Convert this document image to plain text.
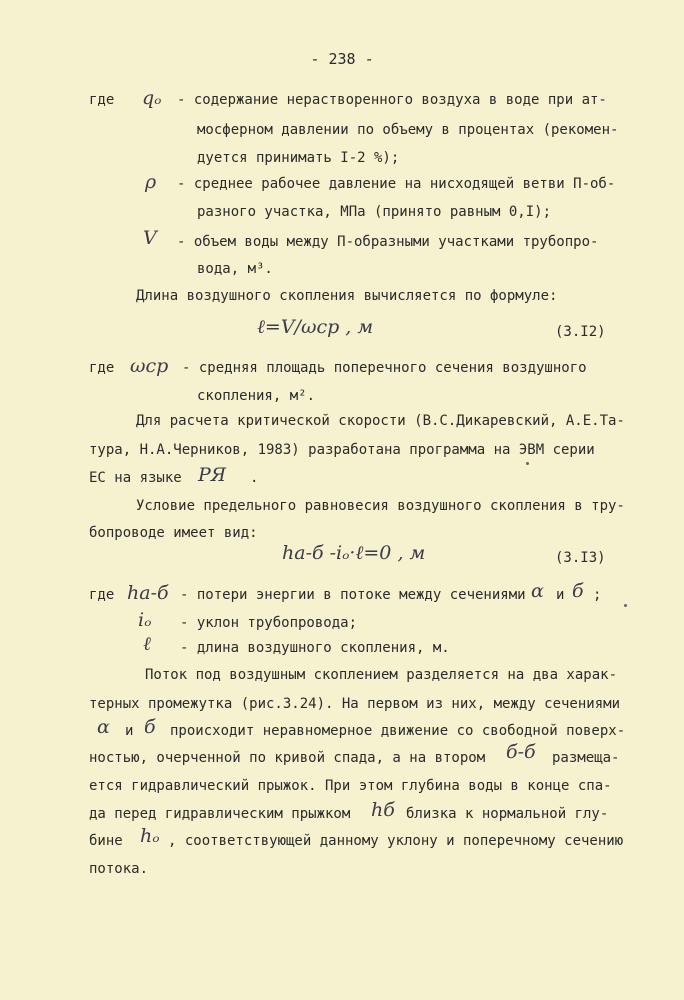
- 238 -
где qₒ - содержание нерастворенного воздуха в воде при ат-
мосферном давлении по объему в процентах (рекомен-
дуется принимать I-2 %);
ρ - среднее рабочее давление на нисходящей ветви П-об-
разного участка, МПа (принято равным 0,I);
V - объем воды между П-образными участками трубопро-
вода, м³.
Длина воздушного скопления вычисляется по формуле:
ℓ=V/ωср , м	(3.I2)
где ωср - средняя площадь поперечного сечения воздушного
скопления, м².
Для расчета критической скорости (В.С.Дикаревский, А.Е.Та-
тура, Н.А.Черников, 1983) разработана программа на ЭВМ серии
ЕС на языке РЯ .
Условие предельного равновесия воздушного скопления в тру-
бопроводе имеет вид:
hа-б -iₒ·ℓ=0 , м	(3.I3)
где hа-б - потери энергии в потоке между сечениями α и б ;
iₒ - уклон трубопровода;
ℓ - длина воздушного скопления, м.
Поток под воздушным скоплением разделяется на два харак-
терных промежутка (рис.3.24). На первом из них, между сечениями
α и б происходит неравномерное движение со свободной поверх-
ностью, очерченной по кривой спада, а на втором б-б размеща-
ется гидравлический прыжок. При этом глубина воды в конце спа-
да перед гидравлическим прыжком hб близка к нормальной глу-
бине hₒ , соответствующей данному уклону и поперечному сечению
потока.
